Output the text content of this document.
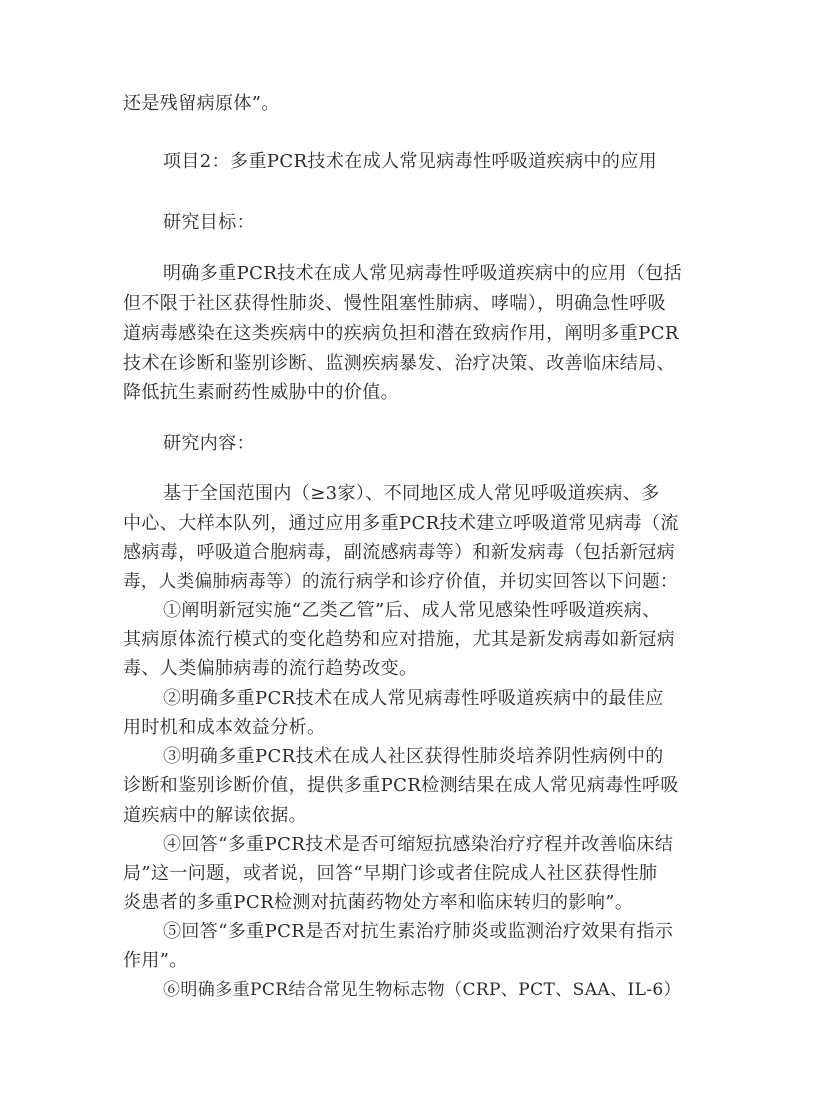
还是残留病原体”。

项目2：多重PCR技术在成人常见病毒性呼吸道疾病中的应用

研究目标：

明确多重PCR技术在成人常见病毒性呼吸道疾病中的应用（包括

但不限于社区获得性肺炎、慢性阻塞性肺病、哮喘），明确急性呼吸

道病毒感染在这类疾病中的疾病负担和潜在致病作用，阐明多重PCR

技术在诊断和鉴别诊断、监测疾病暴发、治疗决策、改善临床结局、

降低抗生素耐药性威胁中的价值。

研究内容：

基于全国范围内（≥3家）、不同地区成人常见呼吸道疾病、多

中心、大样本队列，通过应用多重PCR技术建立呼吸道常见病毒（流

感病毒，呼吸道合胞病毒，副流感病毒等）和新发病毒（包括新冠病

毒，人类偏肺病毒等）的流行病学和诊疗价值，并切实回答以下问题：

①阐明新冠实施“乙类乙管”后、成人常见感染性呼吸道疾病、

其病原体流行模式的变化趋势和应对措施，尤其是新发病毒如新冠病

毒、人类偏肺病毒的流行趋势改变。

②明确多重PCR技术在成人常见病毒性呼吸道疾病中的最佳应

用时机和成本效益分析。

③明确多重PCR技术在成人社区获得性肺炎培养阴性病例中的

诊断和鉴别诊断价值，提供多重PCR检测结果在成人常见病毒性呼吸

道疾病中的解读依据。

④回答“多重PCR技术是否可缩短抗感染治疗疗程并改善临床结

局”这一问题，或者说，回答“早期门诊或者住院成人社区获得性肺

炎患者的多重PCR检测对抗菌药物处方率和临床转归的影响”。

⑤回答“多重PCR是否对抗生素治疗肺炎或监测治疗效果有指示

作用”。

⑥明确多重PCR结合常见生物标志物（CRP、PCT、SAA、IL-6）
